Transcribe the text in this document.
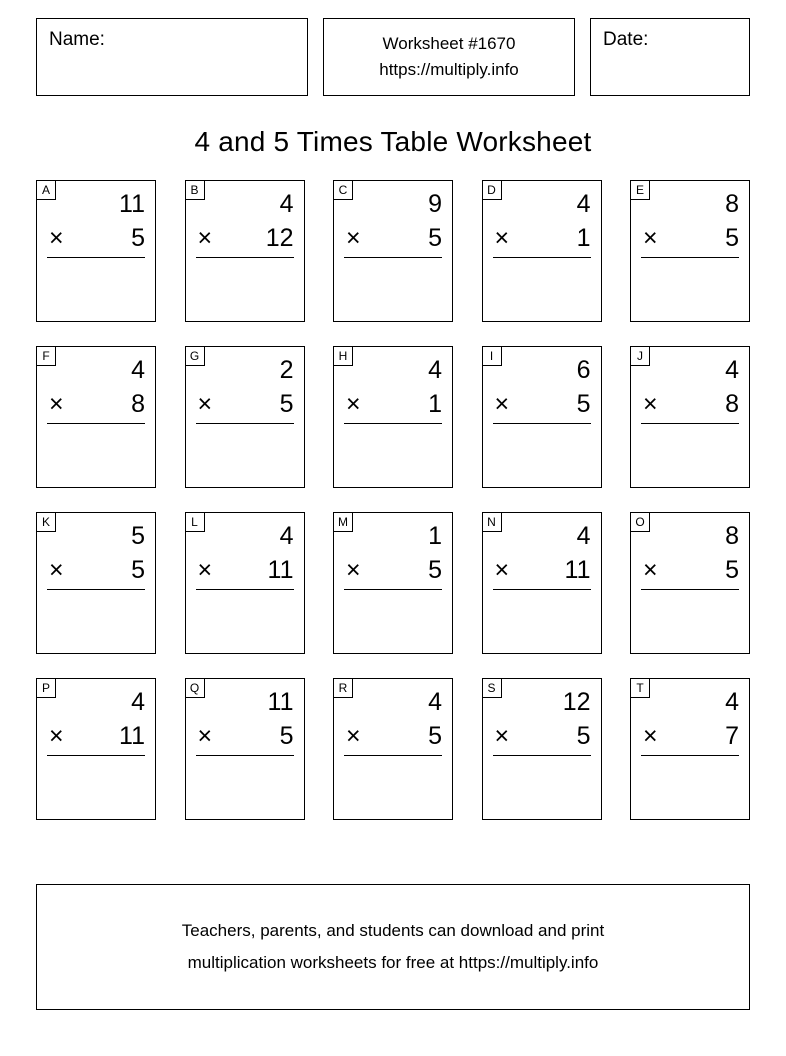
Name:	Worksheet #1670
https://multiply.info
Date:
4 and 5 Times Table Worksheet
A	11
×	5
B	4
× 12
C	9
×	5
D	4
×	1
E	8
×	5
F	4
×	8
G	2
×	5
H	4
×	1
I	6
×	5
J	4
×	8
K	5
×	5
L	4
× 11
M	1
×	5
N	4
× 11
O	8
×	5
P	4
× 11
Q	11
×	5
R	4
×	5
S	12
×	5
T	4
×	7
Teachers, parents, and students can download and print
multiplication worksheets for free at https://multiply.info
